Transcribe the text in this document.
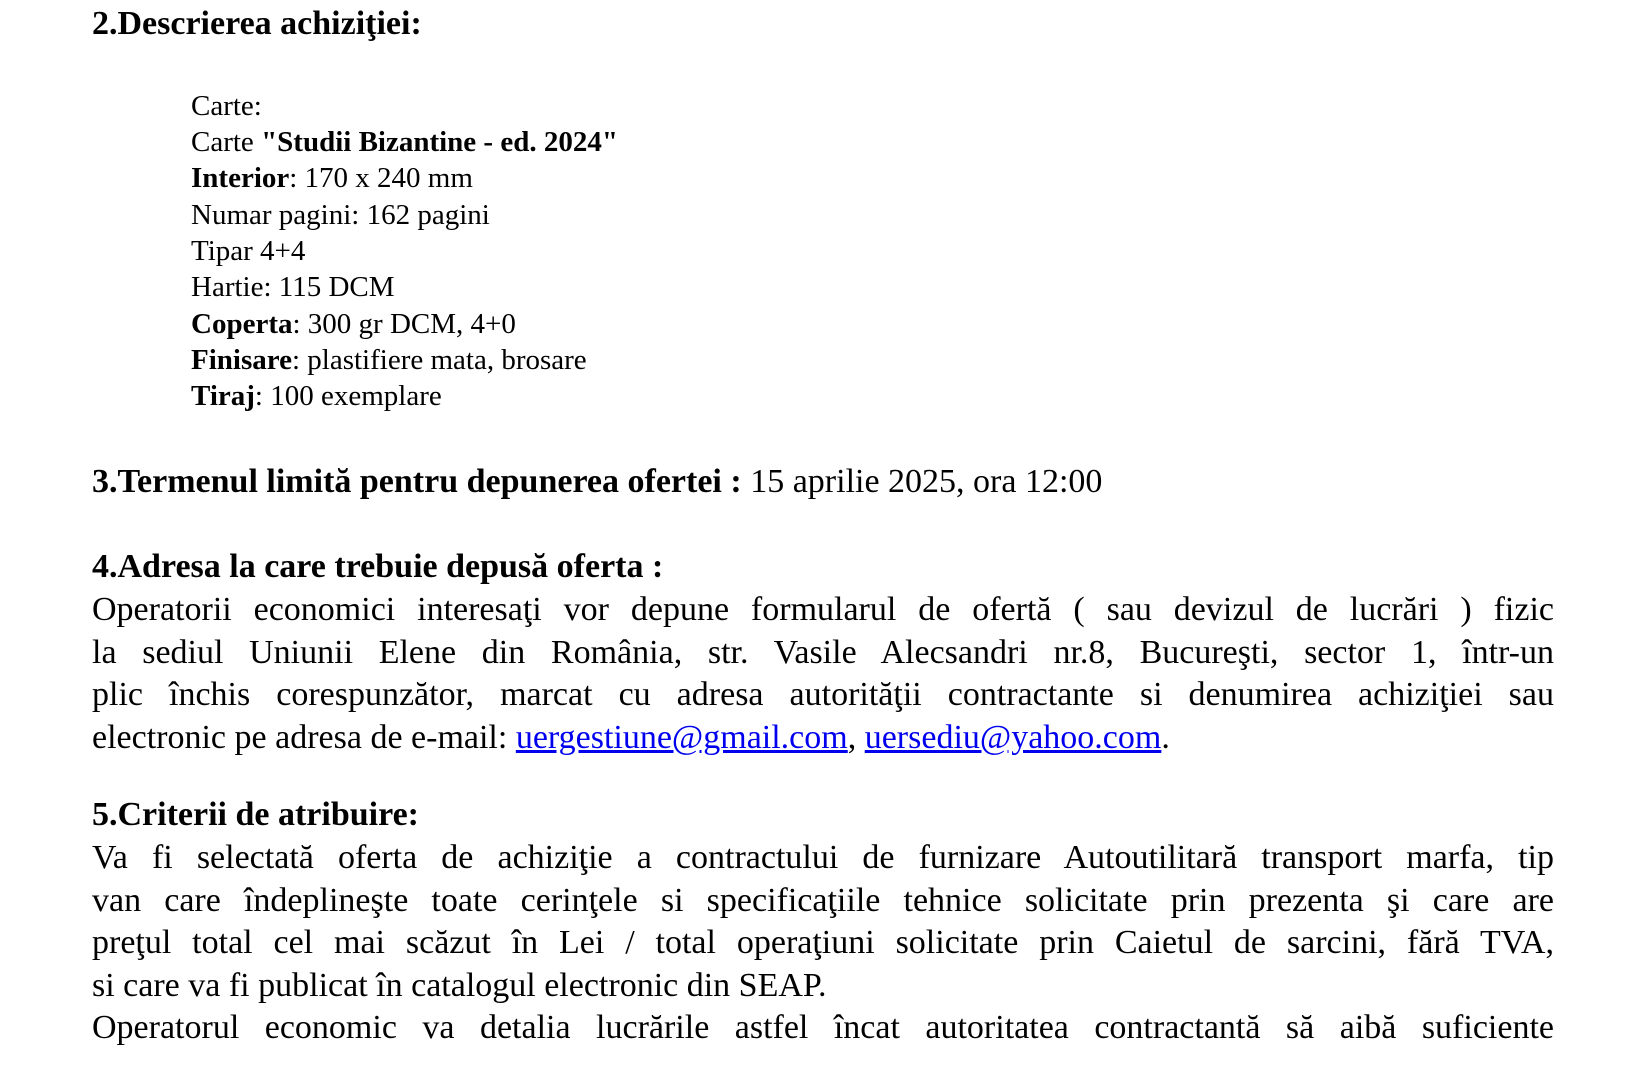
2.Descrierea achiziţiei:
Carte:
Carte "Studii Bizantine - ed. 2024"
Interior: 170 x 240 mm
Numar pagini: 162 pagini
Tipar 4+4
Hartie: 115 DCM
Coperta: 300 gr DCM, 4+0
Finisare: plastifiere mata, brosare
Tiraj: 100 exemplare
3.Termenul limită pentru depunerea ofertei : 15 aprilie 2025, ora 12:00
4.Adresa la care trebuie depusă oferta :
Operatorii economici interesaţi vor depune formularul de ofertă ( sau devizul de lucrări ) fizic
la sediul Uniunii Elene din România, str. Vasile Alecsandri nr.8, Bucureşti, sector 1, într-un
plic închis corespunzător, marcat cu adresa autorităţii contractante si denumirea achiziţiei sau
electronic pe adresa de e-mail: uergestiune@gmail.com, uersediu@yahoo.com.
5.Criterii de atribuire:
Va fi selectată oferta de achiziţie a contractului de furnizare Autoutilitară transport marfa, tip
van care îndeplineşte toate cerinţele si specificaţiile tehnice solicitate prin prezenta şi care are
preţul total cel mai scăzut în Lei / total operaţiuni solicitate prin Caietul de sarcini, fără TVA,
si care va fi publicat în catalogul electronic din SEAP.
Operatorul economic va detalia lucrările astfel încat autoritatea contractantă să aibă suficiente
